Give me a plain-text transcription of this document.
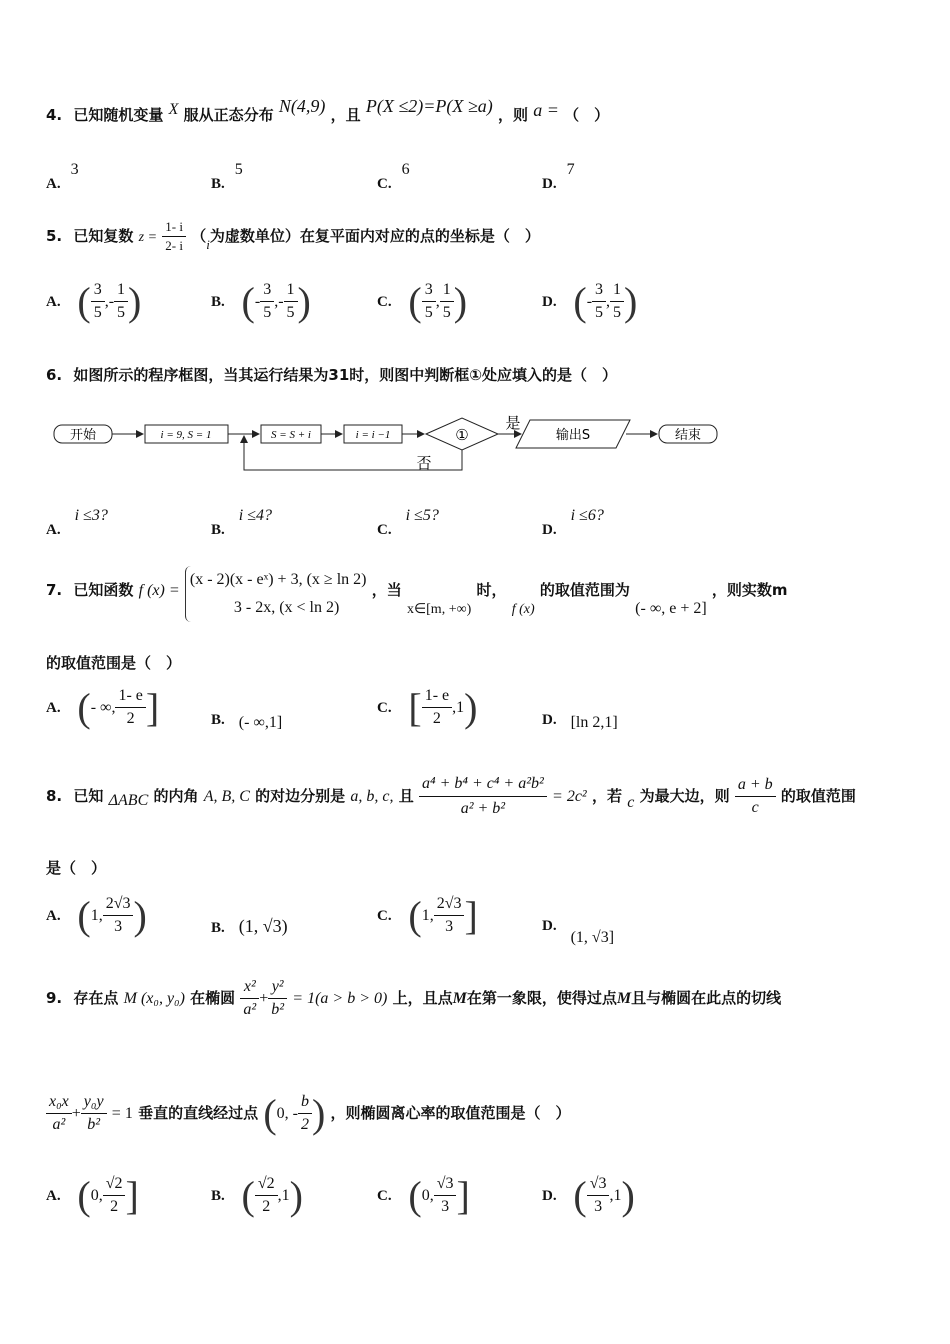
4. 已知随机变量 X 服从正态分布 N(4,9) ，且 P(X ≤2)=P(X ≥a) ，则 a = （　）
A.3
B.5
C.6
D.7
5. 已知复数 $z = \frac{1- i}{2- i} (i$为虚数单位）在复平面内对应的点的坐标是（　）
A. ( $\frac{3}{5}$ ,- $\frac{1}{5}$ )	B. (- $\frac{3}{5}$ ,- $\frac{1}{5}$ )	C. ( $\frac{3}{5}$ , $\frac{1}{5}$ )	D. (- $\frac{3}{5}$ , $\frac{1}{5}$ )
6. 如图所示的程序框图，当其运行结果为31时，则图中判断框①处应填入的是（　）
开始	i = 9, S = 1	S = S + i	i = i −1	①
是
输出S	结束
否
A.i ≤3?
B.i ≤4?
C.i ≤5?
D.i ≤6?
7. 已知函数 f (x) =
(x - 2)(x - eˣ) + 3, (x ≥ ln 2)
3 - 2x, (x < ln 2)
，当 x∈[m, +∞) 时， f (x) 的取值范围为 (- ∞, e + 2] ，则实数m
的取值范围是（　）
A. (- ∞, $\frac{1- e}{2}$ ]	B. (- ∞,1]
C. [ $\frac{1- e}{2} ,1$)	D. [ln 2,1]
8. 已知 ΔABC 的内角 A, B, C 的对边分别是 a, b, c, 且 $\frac{\text{a⁴ + b⁴ + c⁴ + a²b²}}{\text{a² + b²}} = 2c^2$ ，若 c 为最大边，则 $\frac{a + b}{c}$ 的取值范围
是（　）
A. (1, $\frac{2√3}{3}$ )	B. (1, √3)	C. (1, $\frac{2√3}{3}$ ]	D.(1, √3]
9. 存在点 M (x₀, y₀) 在椭圆 $\frac{\text{x²}}{\text{a²}} + \frac{\text{y²}}{\text{b²}} = 1(a > b > 0)$ 上，且点M在第一象限，使得过点M且与椭圆在此点的切线
$\frac{\text{x₀x}}{\text{a²}} + \frac{\text{y₀y}}{\text{b²}} = 1$ 垂直的直线经过点 (0, - $\frac{b}{2}$ ) ，则椭圆离心率的取值范围是（　）
A. (0, $\frac{√2}{2}$ ]	B. ( $\frac{√2}{2} ,1$)	C. (0, $\frac{√3}{3}$ ]	D. ( $\frac{√3}{3} ,1$)
